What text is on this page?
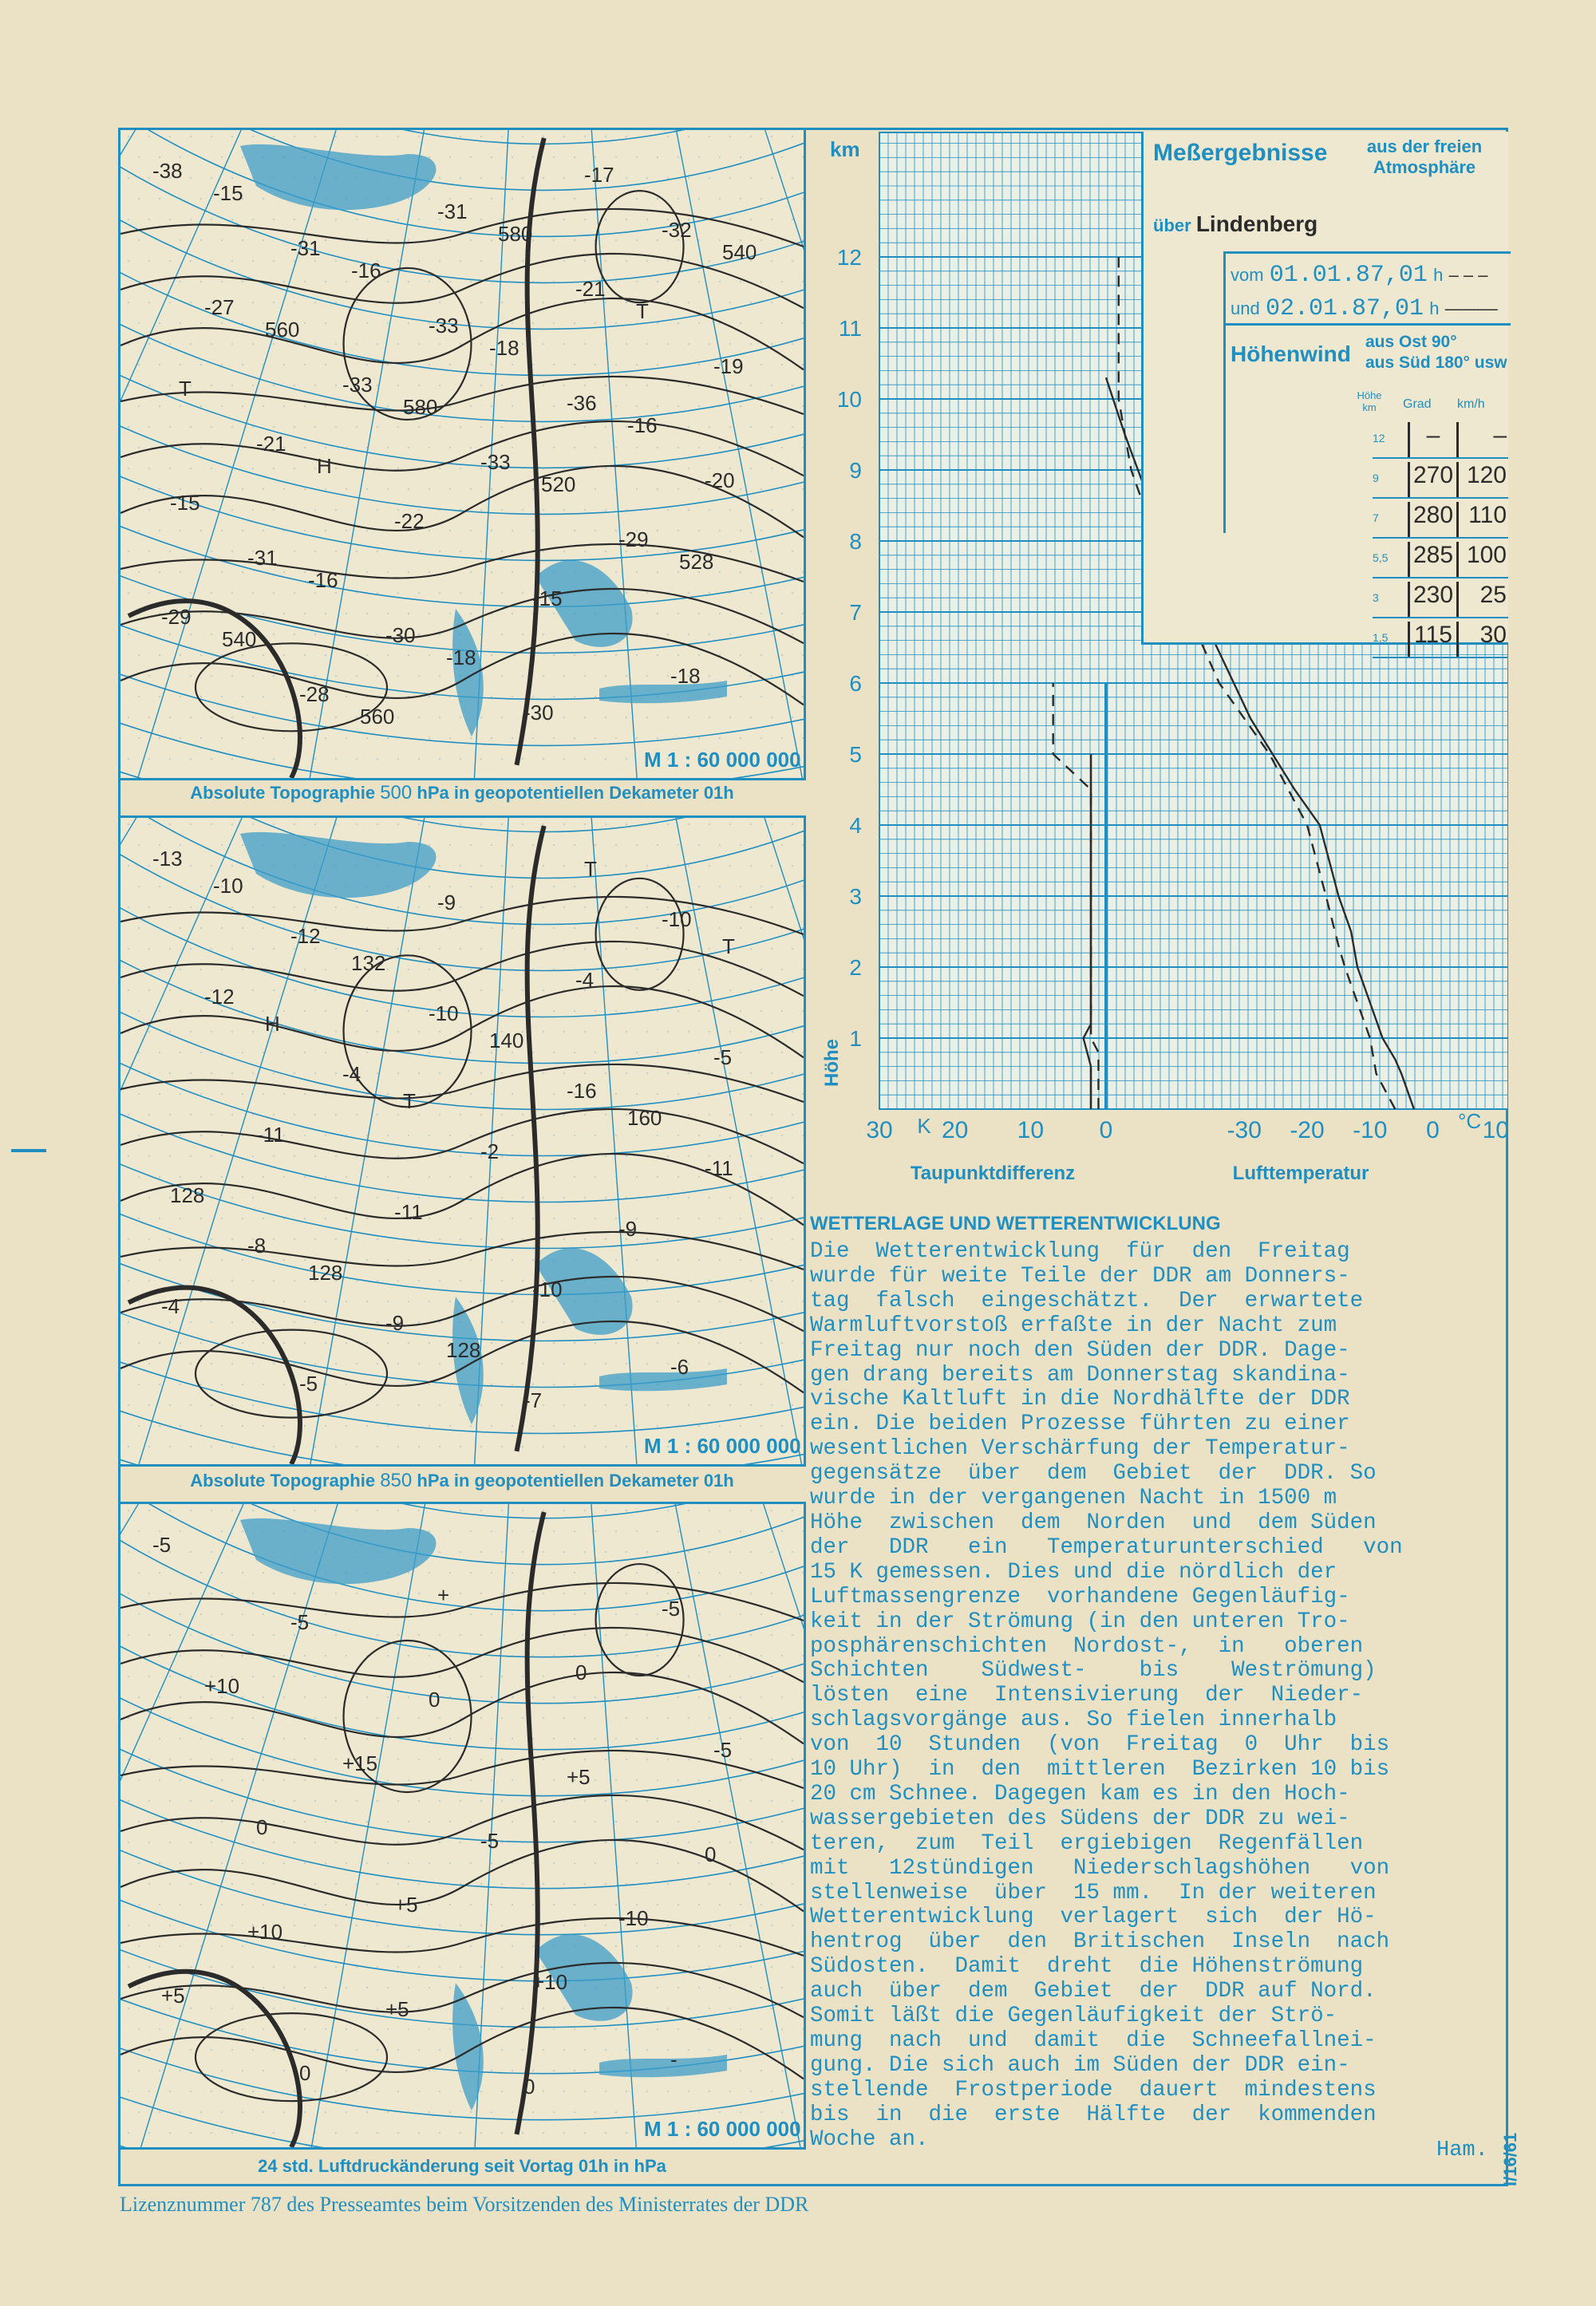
-38
-31
-33
-36
-20
-31
-30
-30
-32
-27
-33
-33
-29
-29
-28
-31
-21
-19
-21
-22
-15
-18
-15
-16
-18
-16
-15
-16
-18
-17
540
560
580
520
528
540
560
580
T
T
H
M 1 : 60 000 000
Absolute Topographie 500 hPa in geopotentiellen Dekameter 01h
-13
-12
-10
-16
-11
-8
-9
-7
-10
-12
-4
-2
-9
-4
-5
-9
-4
-5
-11
-11
-10
-6
-10
132
140
160
128
128
128
T
T
H
T
M 1 : 60 000 000
Absolute Topographie 850 hPa in geopotentiellen Dekameter 01h
-5
-5
0
+5
0
+10
+5
0
-5
+10
+15
-5
-10
+5
0
+
0
-5
0
+5
+10
-
M 1 : 60 000 000
24 std. Luftdruckänderung seit Vortag 01h in hPa
1
2
3
4
5
6
7
8
9
10
11
12
km
Höhe
30 20 10 0	-30 -20 -10 0 10
K	°C
Taupunktdifferenz	Lufttemperatur
Meßergebnisse	aus der freien Atmosphäre
über Lindenberg
vom 01.01.87,01 h – – –
und 02.01.87,01 h ———
Höhenwind aus Ost 90°
aus Süd 180° usw
Höhe km	Grad km/h
12	–	–
9 270 120
7 280 110
5,5 285 100
3 230	25
1,5 115	30
WETTERLAGE UND WETTERENTWICKLUNG
Die  Wetterentwicklung  für  den  Freitag
wurde für weite Teile der DDR am Donners-
tag  falsch  eingeschätzt.  Der  erwartete
Warmluftvorstoß erfaßte in der Nacht zum
Freitag nur noch den Süden der DDR. Dage-
gen drang bereits am Donnerstag skandina-
vische Kaltluft in die Nordhälfte der DDR
ein. Die beiden Prozesse führten zu einer
wesentlichen Verschärfung der Temperatur-
gegensätze  über  dem  Gebiet  der  DDR. So
wurde in der vergangenen Nacht in 1500 m
Höhe  zwischen  dem  Norden  und  dem Süden
der   DDR   ein   Temperaturunterschied   von
15 K gemessen. Dies und die nördlich der
Luftmassengrenze  vorhandene Gegenläufig-
keit in der Strömung (in den unteren Tro-
posphärenschichten  Nordost-,  in   oberen
Schichten    Südwest-    bis    Weströmung)
lösten  eine  Intensivierung  der  Nieder-
schlagsvorgänge aus. So fielen innerhalb
von  10  Stunden  (von  Freitag  0  Uhr  bis
10 Uhr)  in  den  mittleren  Bezirken 10 bis
20 cm Schnee. Dagegen kam es in den Hoch-
wassergebieten des Südens der DDR zu wei-
teren,  zum  Teil  ergiebigen  Regenfällen
mit   12stündigen   Niederschlagshöhen   von
stellenweise  über  15 mm.  In der weiteren
Wetterentwicklung  verlagert  sich  der Hö-
hentrog  über  den  Britischen  Inseln  nach
Südosten.  Damit  dreht  die Höhenströmung
auch  über  dem  Gebiet  der  DDR auf Nord.
Somit läßt die Gegenläufigkeit der Strö-
mung  nach  und  damit  die  Schneefallnei-
gung. Die sich auch im Süden der DDR ein-
stellende  Frostperiode  dauert  mindestens
bis  in  die  erste  Hälfte  der  kommenden
Woche an.	Ham. I/16/61
Lizenznummer 787 des Presseamtes beim Vorsitzenden des Ministerrates der DDR
